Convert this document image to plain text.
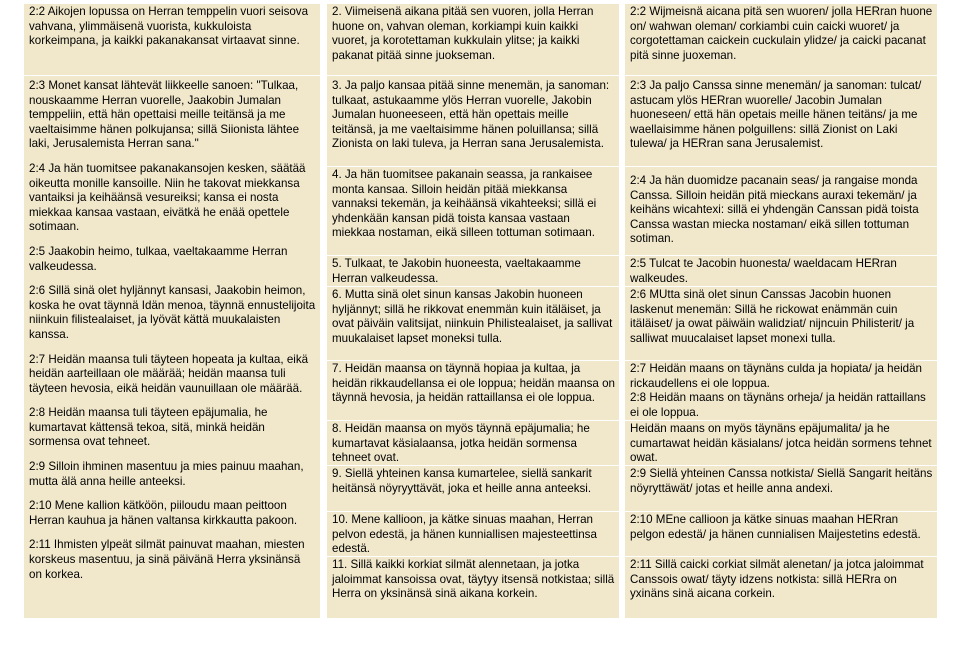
2:2 Aikojen lopussa on Herran temppelin vuori seisova vahvana, ylimmäisenä vuorista, kukkuloista korkeimpana, ja kaikki pakanakansat virtaavat sinne.

2:3 Monet kansat lähtevät liikkeelle sanoen: "Tulkaa, nouskaamme Herran vuorelle, Jaakobin Jumalan temppeliin, että hän opettaisi meille teitänsä ja me vaeltaisimme hänen polkujansa; sillä Siionista lähtee laki, Jerusalemista Herran sana."

2:4 Ja hän tuomitsee pakanakansojen kesken, säätää oikeutta monille kansoille. Niin he takovat miekkansa vantaiksi ja keihäänsä vesureiksi; kansa ei nosta miekkaa kansaa vastaan, eivätkä he enää opettele sotimaan.

2:5 Jaakobin heimo, tulkaa, vaeltakaamme Herran valkeudessa.

2:6 Sillä sinä olet hyljännyt kansasi, Jaakobin heimon, koska he ovat täynnä Idän menoa, täynnä ennustelijoita niinkuin filistealaiset, ja lyövät kättä muukalaisten kanssa.

2:7 Heidän maansa tuli täyteen hopeata ja kultaa, eikä heidän aarteillaan ole määrää; heidän maansa tuli täyteen hevosia, eikä heidän vaunuillaan ole määrää.

2:8 Heidän maansa tuli täyteen epäjumalia, he kumartavat kättensä tekoa, sitä, minkä heidän sormensa ovat tehneet.

2:9 Silloin ihminen masentuu ja mies painuu maahan, mutta älä anna heille anteeksi.

2:10 Mene kallion kätköön, piiloudu maan peittoon Herran kauhua ja hänen valtansa kirkkautta pakoon.

2:11 Ihmisten ylpeät silmät painuvat maahan, miesten korskeus masentuu, ja sinä päivänä Herra yksinänsä on korkea.

2. Viimeisenä aikana pitää sen vuoren, jolla Herran huone on, vahvan oleman, korkiampi kuin kaikki vuoret, ja korotettaman kukkulain ylitse; ja kaikki pakanat pitää sinne juokseman.

3. Ja paljo kansaa pitää sinne menemän, ja sanoman: tulkaat, astukaamme ylös Herran vuorelle, Jakobin Jumalan huoneeseen, että hän opettais meille teitänsä, ja me vaeltaisimme hänen poluillansa; sillä Zionista on laki tuleva, ja Herran sana Jerusalemista.

4. Ja hän tuomitsee pakanain seassa, ja rankaisee monta kansaa. Silloin heidän pitää miekkansa vannaksi tekemän, ja keihäänsä vikahteeksi; sillä ei yhdenkään kansan pidä toista kansaa vastaan miekkaa nostaman, eikä silleen tottuman sotimaan.

5. Tulkaat, te Jakobin huoneesta, vaeltakaamme Herran valkeudessa.

6. Mutta sinä olet sinun kansas Jakobin huoneen hyljännyt; sillä he rikkovat enemmän kuin itäläiset, ja ovat päiväin valitsijat, niinkuin Philistealaiset, ja sallivat muukalaiset lapset moneksi tulla.

7. Heidän maansa on täynnä hopiaa ja kultaa, ja heidän rikkaudellansa ei ole loppua; heidän maansa on täynnä hevosia, ja heidän rattaillansa ei ole loppua.

8. Heidän maansa on myös täynnä epäjumalia; he kumartavat käsialaansa, jotka heidän sormensa tehneet ovat.

9. Siellä yhteinen kansa kumartelee, siellä sankarit heitänsä nöyryyttävät, joka et heille anna anteeksi.

10. Mene kallioon, ja kätke sinuas maahan, Herran pelvon edestä, ja hänen kunniallisen majesteettinsa edestä.

11. Sillä kaikki korkiat silmät alennetaan, ja jotka jaloimmat kansoissa ovat, täytyy itsensä notkistaa; sillä Herra on yksinänsä sinä aikana korkein.

2:2 Wijmeisnä aicana pitä sen wuoren/ jolla HERran huone on/ wahwan oleman/ corkiambi cuin caicki wuoret/ ja corgotettaman caickein cuckulain ylidze/ ja caicki pacanat pitä sinne juoxeman.

2:3 Ja paljo Canssa sinne menemän/ ja sanoman: tulcat/ astucam ylös HERran wuorelle/ Jacobin Jumalan huoneseen/ että hän opetais meille hänen teitäns/ ja me waellaisimme hänen polguillens: sillä Zionist on Laki tulewa/ ja HERran sana Jerusalemist.

2:4 Ja hän duomidze pacanain seas/ ja rangaise monda Canssa. Silloin heidän pitä mieckans auraxi tekemän/ ja keihäns wicahtexi: sillä ei yhdengän Canssan pidä toista Canssa wastan miecka nostaman/ eikä sillen tottuman sotiman.

2:5 Tulcat te Jacobin huonesta/ waeldacam HERran walkeudes.

2:6 MUtta sinä olet sinun Canssas Jacobin huonen laskenut menemän: Sillä he rickowat enämmän cuin itäläiset/ ja owat päiwäin walidziat/ nijncuin Philisterit/ ja salliwat muucalaiset lapset monexi tulla.

2:7 Heidän maans on täynäns culda ja hopiata/ ja heidän rickaudellens ei ole loppua.
2:8 Heidän maans on täynäns orheja/ ja heidän rattaillans ei ole loppua.

Heidän maans on myös täynäns epäjumalita/ ja he cumartawat heidän käsialans/ jotca heidän sormens tehnet owat.

2:9 Siellä yhteinen Canssa notkista/ Siellä Sangarit heitäns nöyryttäwät/ jotas et heille anna andexi.

2:10 MEne callioon ja kätke sinuas maahan HERran pelgon edestä/ ja hänen cunnialisen Maijestetins edestä.

2:11 Sillä caicki corkiat silmät alenetan/ ja jotca jaloimmat Canssois owat/ täyty idzens notkista: sillä HERra on yxinäns sinä aicana corkein.
